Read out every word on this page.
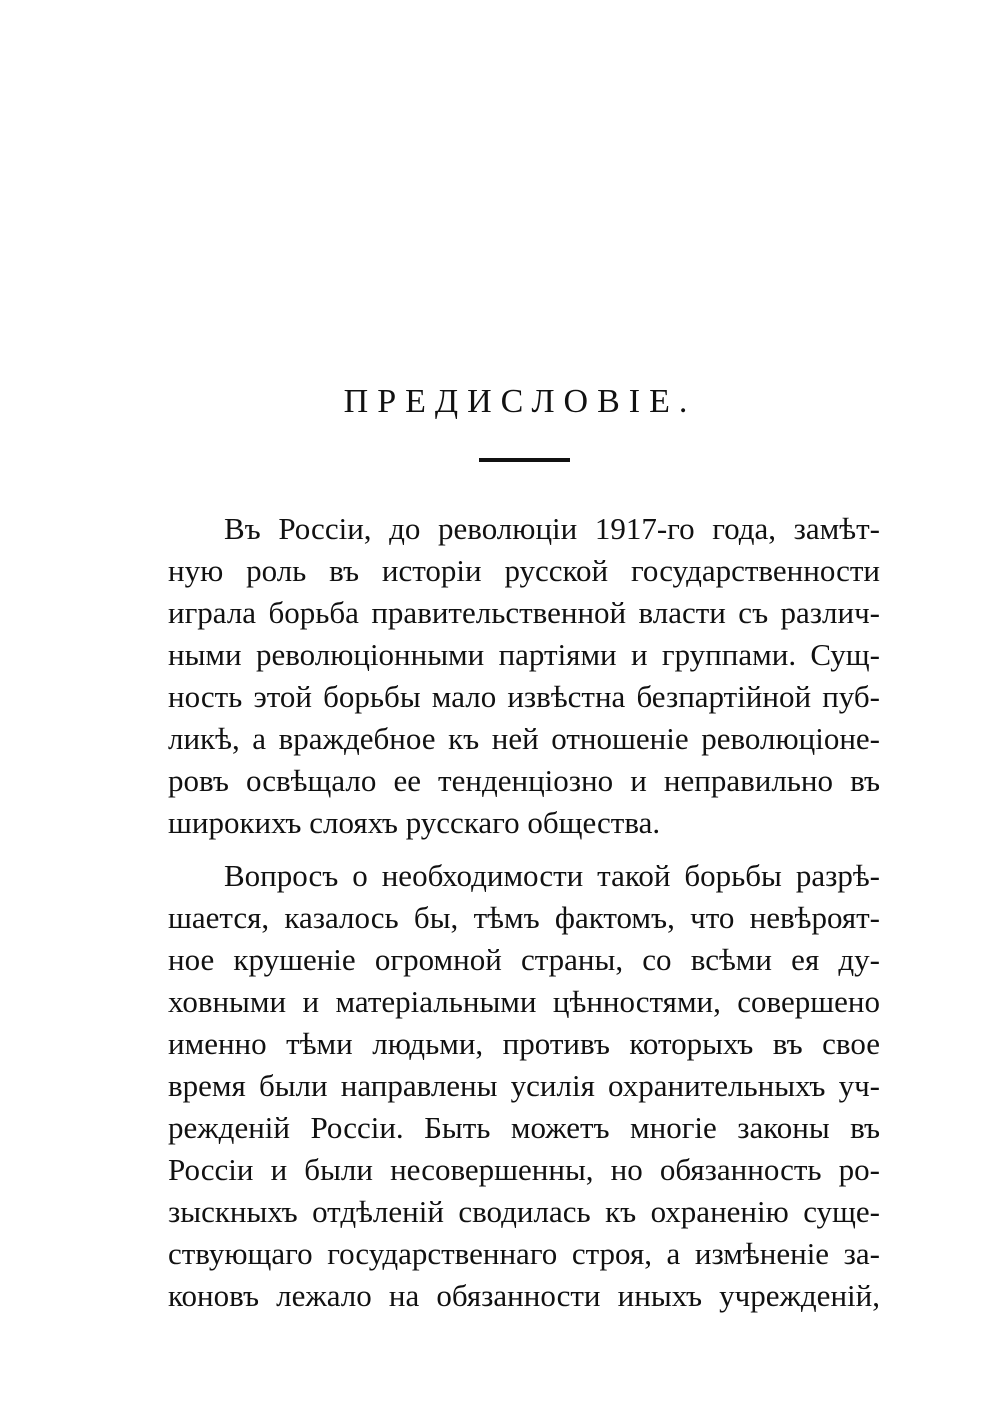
ПРЕДИСЛОВІЕ.
Въ Россіи, до революціи 1917-го года, замѣт-
ную роль въ исторіи русской государственности
играла борьба правительственной власти съ различ-
ными революціонными партіями и группами. Сущ-
ность этой борьбы мало извѣстна безпартійной пуб-
ликѣ, а враждебное къ ней отношеніе революціоне-
ровъ освѣщало ее тенденціозно и неправильно въ
широкихъ слояхъ русскаго общества.
Вопросъ о необходимости такой борьбы разрѣ-
шается, казалось бы, тѣмъ фактомъ, что невѣроят-
ное крушеніе огромной страны, со всѣми ея ду-
ховными и матеріальными цѣнностями, совершено
именно тѣми людьми, противъ которыхъ въ свое
время были направлены усилія охранительныхъ уч-
режденій Россіи. Быть можетъ многіе законы въ
Россіи и были несовершенны, но обязанность ро-
зыскныхъ отдѣленій сводилась къ охраненію суще-
ствующаго государственнаго строя, а измѣненіе за-
коновъ лежало на обязанности иныхъ учрежденій,
